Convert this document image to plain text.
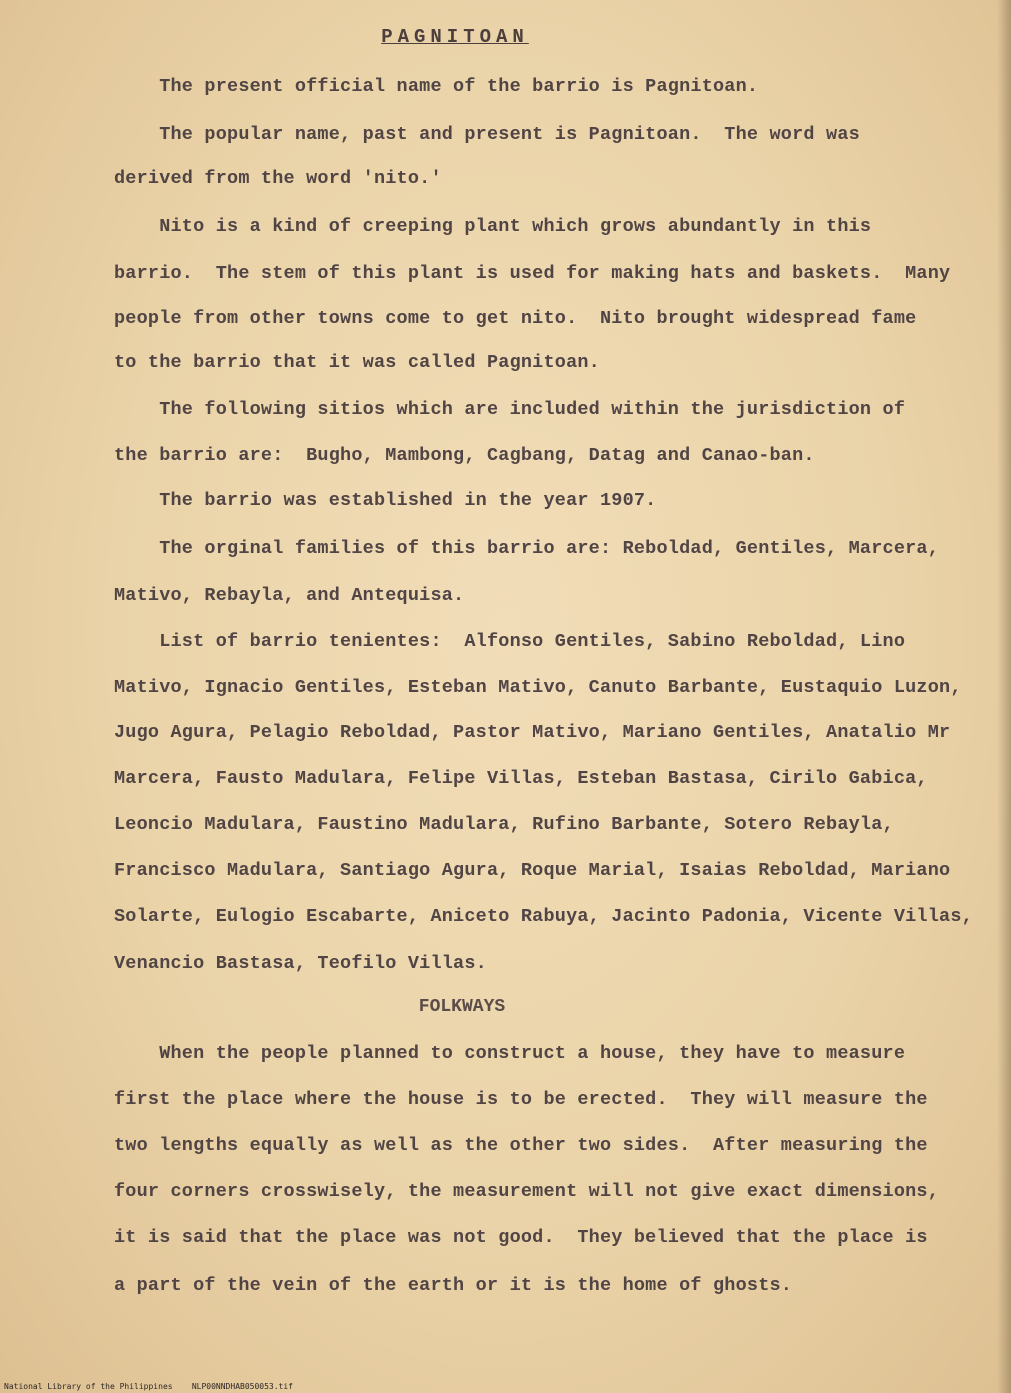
PAGNITOAN
The present official name of the barrio is Pagnitoan.
The popular name, past and present is Pagnitoan.  The word was
derived from the word 'nito.'
Nito is a kind of creeping plant which grows abundantly in this
barrio.  The stem of this plant is used for making hats and baskets.  Many
people from other towns come to get nito.  Nito brought widespread fame
to the barrio that it was called Pagnitoan.
The following sitios which are included within the jurisdiction of
the barrio are:  Bugho, Mambong, Cagbang, Datag and Canao-ban.
The barrio was established in the year 1907.
The orginal families of this barrio are: Reboldad, Gentiles, Marcera,
Mativo, Rebayla, and Antequisa.
List of barrio tenientes:  Alfonso Gentiles, Sabino Reboldad, Lino
Mativo, Ignacio Gentiles, Esteban Mativo, Canuto Barbante, Eustaquio Luzon,
Jugo Agura, Pelagio Reboldad, Pastor Mativo, Mariano Gentiles, Anatalio Mr
Marcera, Fausto Madulara, Felipe Villas, Esteban Bastasa, Cirilo Gabica,
Leoncio Madulara, Faustino Madulara, Rufino Barbante, Sotero Rebayla,
Francisco Madulara, Santiago Agura, Roque Marial, Isaias Reboldad, Mariano
Solarte, Eulogio Escabarte, Aniceto Rabuya, Jacinto Padonia, Vicente Villas,
Venancio Bastasa, Teofilo Villas.
FOLKWAYS
When the people planned to construct a house, they have to measure
first the place where the house is to be erected.  They will measure the
two lengths equally as well as the other two sides.  After measuring the
four corners crosswisely, the measurement will not give exact dimensions,
it is said that the place was not good.  They believed that the place is
a part of the vein of the earth or it is the home of ghosts.
National Library of the Philippines    NLP00NNDHAB050053.tif
